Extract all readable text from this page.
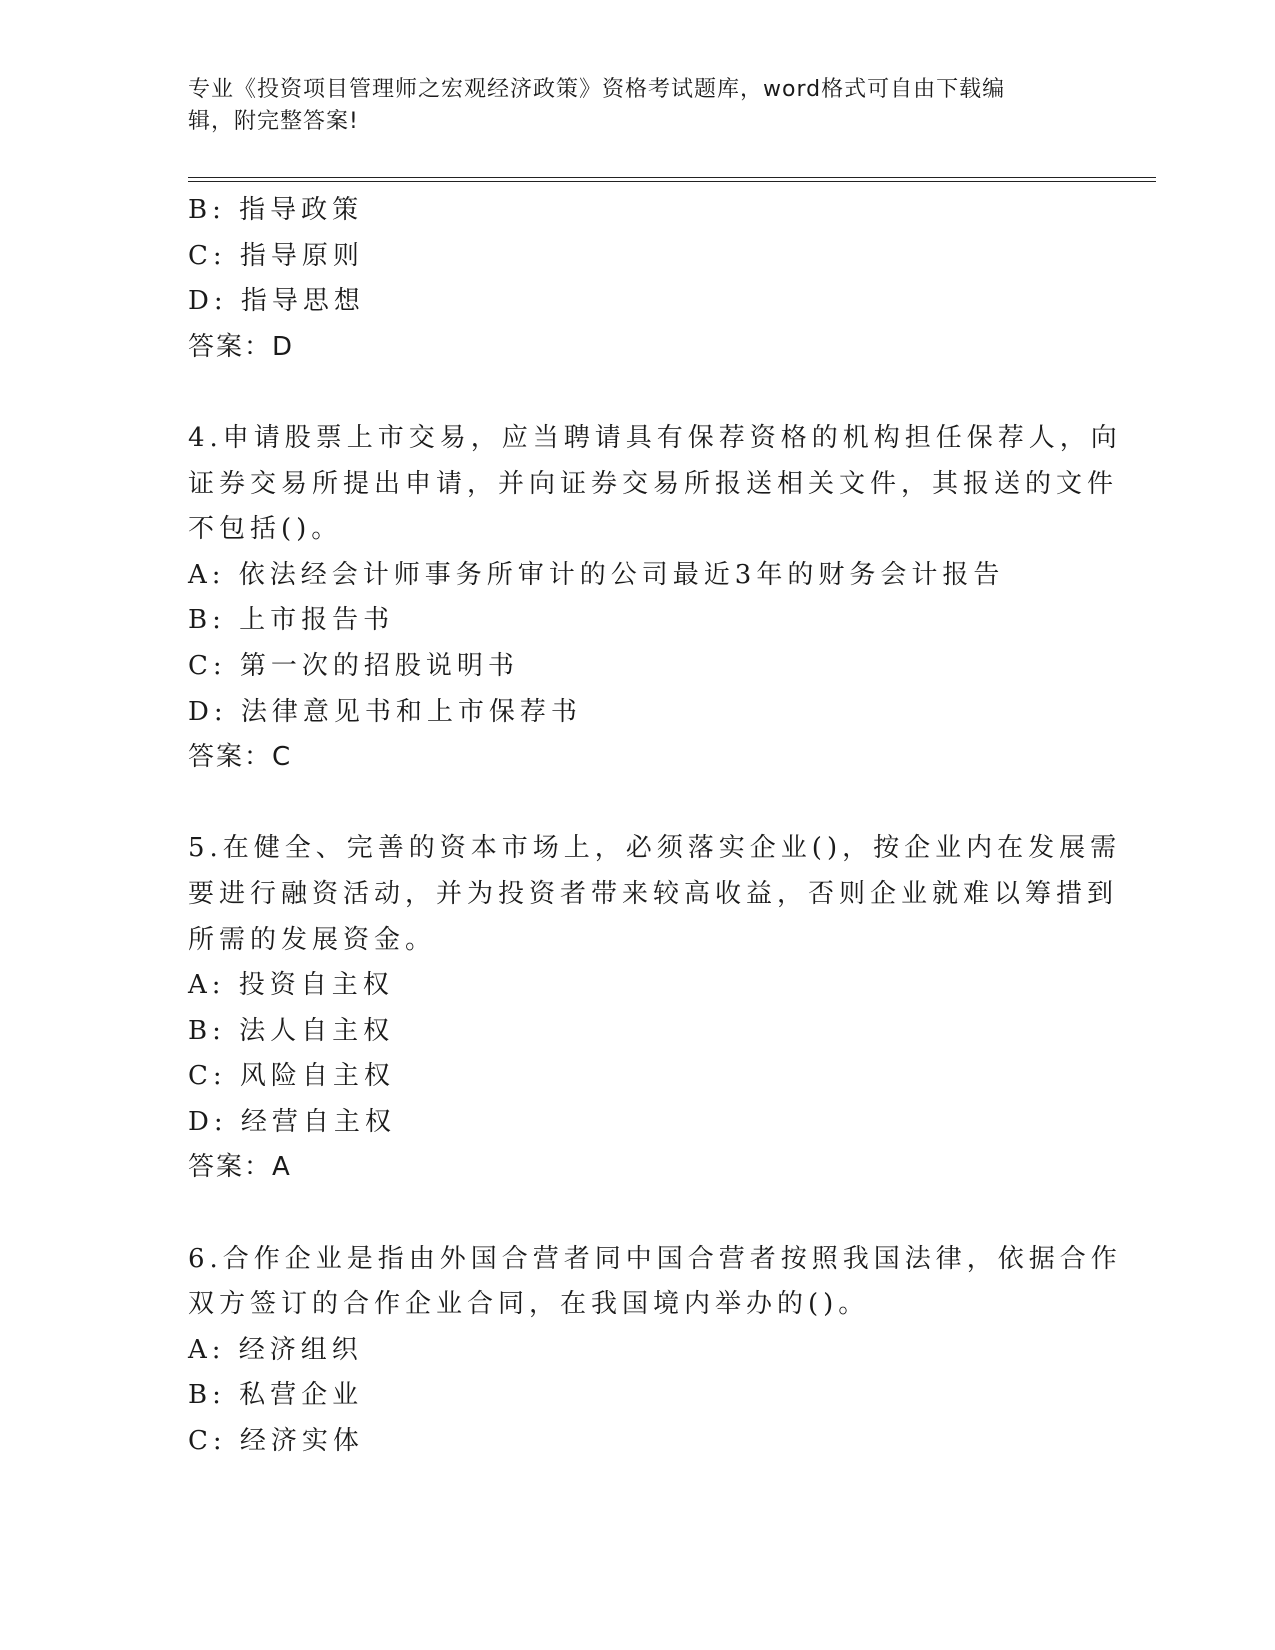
专业《投资项目管理师之宏观经济政策》资格考试题库，word格式可自由下载编
辑，附完整答案!
B: 指导政策
C: 指导原则
D: 指导思想
答案：D
4.申请股票上市交易，应当聘请具有保荐资格的机构担任保荐人，向
证券交易所提出申请，并向证券交易所报送相关文件，其报送的文件
不包括()。
A: 依法经会计师事务所审计的公司最近3年的财务会计报告
B: 上市报告书
C: 第一次的招股说明书
D: 法律意见书和上市保荐书
答案：C
5.在健全、完善的资本市场上，必须落实企业()，按企业内在发展需
要进行融资活动，并为投资者带来较高收益，否则企业就难以筹措到
所需的发展资金。
A: 投资自主权
B: 法人自主权
C: 风险自主权
D: 经营自主权
答案：A
6.合作企业是指由外国合营者同中国合营者按照我国法律，依据合作
双方签订的合作企业合同，在我国境内举办的()。
A: 经济组织
B: 私营企业
C: 经济实体
